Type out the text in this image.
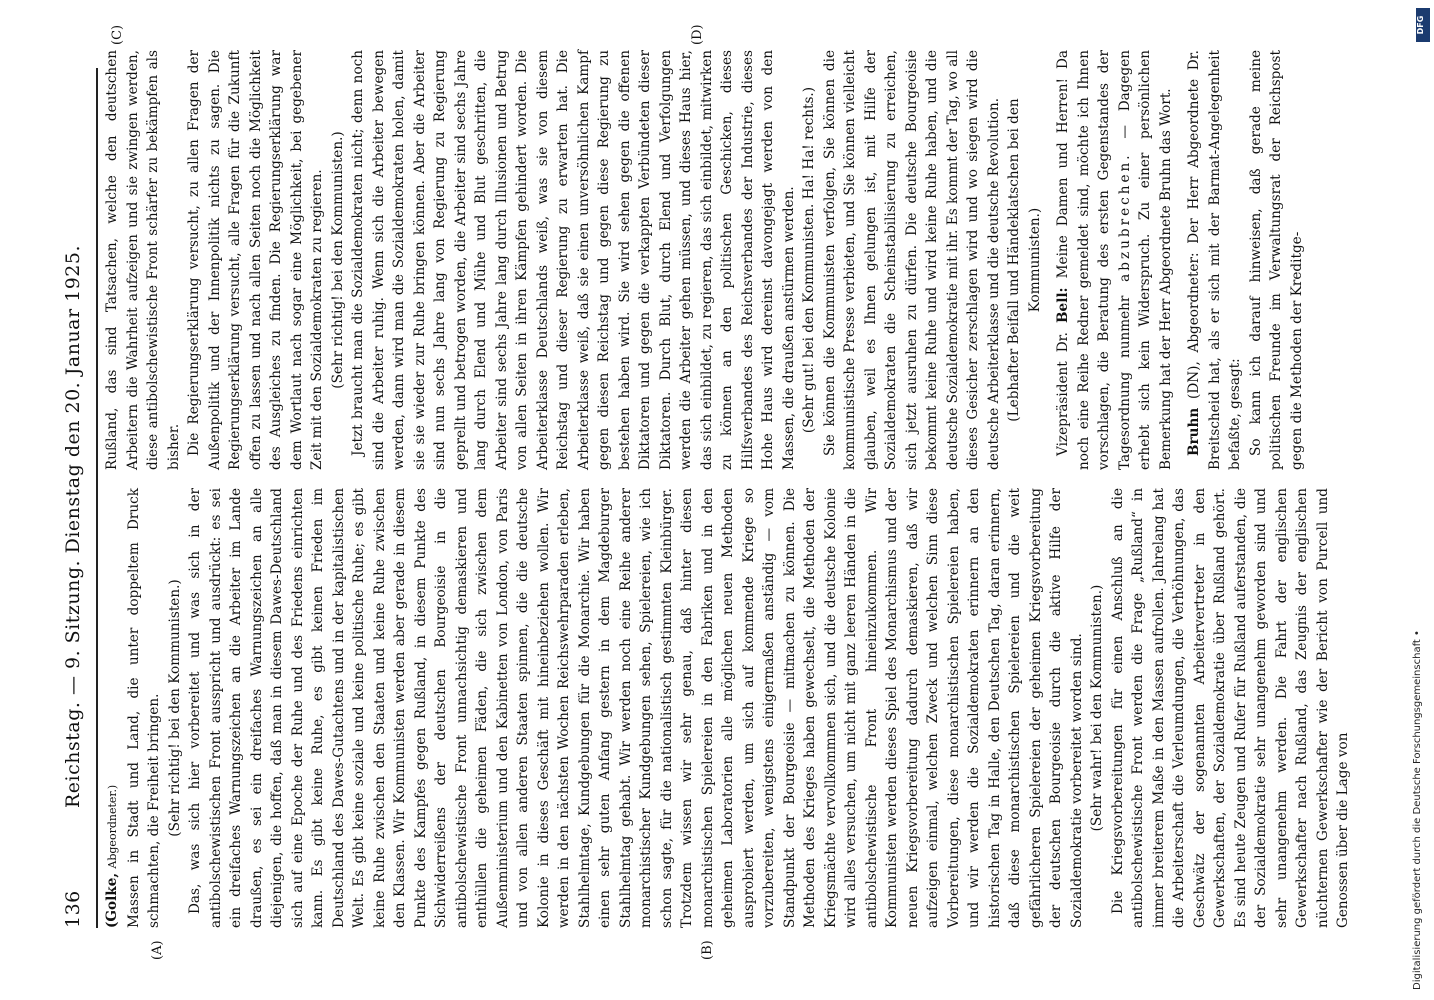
DFG
Digitalisierung gefördert durch die Deutsche Forschungsgemeinschaft •
136
Reichstag. — 9. Sitzung. Dienstag den 20. Januar 1925.
(A)	(B)
(C)	(D)

(Golke, Abgeordneter.) Massen in Stadt und Land, die unter doppeltem Druck schmachten, die Freiheit bringen. (Sehr richtig! bei den Kommunisten.) Das, was sich hier vorbereitet und was sich in der antibolschewistischen Front ausspricht und ausdrückt: es sei ein dreifaches Warnungszeichen an die Arbeiter im Lande draußen, es sei ein dreifaches Warnungszeichen an alle diejenigen, die hoffen, daß man in diesem Dawes-Deutschland sich auf eine Epoche der Ruhe und des Friedens einrichten kann. Es gibt keine Ruhe, es gibt keinen Frieden im Deutschland des Dawes-Gutachtens und in der kapitalistischen Welt. Es gibt keine soziale und keine politische Ruhe; es gibt keine Ruhe zwischen den Staaten und keine Ruhe zwischen den Klassen. Wir Kommunisten werden aber gerade in diesem Punkte des Kampfes gegen Rußland, in diesem Punkte des Sichwiderreißens der deutschen Bourgeoisie in die antibolschewistische Front unnachsichtig demaskieren und enthüllen die geheimen Fäden, die sich zwischen dem Außenministerium und den Kabinetten von London, von Paris und von allen anderen Staaten spinnen, die die deutsche Kolonie in dieses Geschäft mit hineinbeziehen wollen. Wir werden in den nächsten Wochen Reichswehrparaden erleben, Stahlhelmtage, Kundgebungen für die Monarchie. Wir haben einen sehr guten Anfang gestern in dem Magdeburger Stahlhelmtag gehabt. Wir werden noch eine Reihe anderer monarchistischer Kundgebungen sehen, Spielereien, wie ich schon sagte, für die nationalistisch gestimmten Kleinbürger. Trotzdem wissen wir sehr genau, daß hinter diesen monarchistischen Spielereien in den Fabriken und in den geheimen Laboratorien alle möglichen neuen Methoden ausprobiert werden, um sich auf kommende Kriege so vorzubereiten, wenigstens einigermaßen anständig — vom Standpunkt der Bourgeoisie — mitmachen zu können. Die Methoden des Krieges haben gewechselt, die Methoden der Kriegsmächte vervollkommnen sich, und die deutsche Kolonie wird alles versuchen, um nicht mit ganz leeren Händen in die antibolschewistische Front hineinzukommen. Wir Kommunisten werden dieses Spiel des Monarchismus und der neuen Kriegsvorbereitung dadurch demaskieren, daß wir aufzeigen einmal, welchen Zweck und welchen Sinn diese Vorbereitungen, diese monarchistischen Spielereien haben, und wir werden die Sozialdemokraten erinnern an den historischen Tag in Halle, den Deutschen Tag, daran erinnern, daß diese monarchistischen Spielereien und die weit gefährlicheren Spielereien der geheimen Kriegsvorbereitung der deutschen Bourgeoisie durch die aktive Hilfe der Sozialdemokratie vorbereitet worden sind. (Sehr wahr! bei den Kommunisten.) Die Kriegsvorbereitungen für einen Anschluß an die antibolschewistische Front werden die Frage „Rußland“ in immer breiterem Maße in den Massen aufrollen. Jahrelang hat die Arbeiterschaft die Verleumdungen, die Verhöhnungen, das Geschwätz der sogenannten Arbeitervertreter in den Gewerkschaften, der Sozialdemokratie über Rußland gehört. Es sind heute Zeugen und Rufer für Rußland auferstanden, die der Sozialdemokratie sehr unangenehm geworden sind und sehr unangenehm werden. Die Fahrt der englischen Gewerkschafter nach Rußland, das Zeugnis der englischen nüchternen Gewerkschafter wie der Bericht von Purcell und Genossen über die Lage von

Rußland, das sind Tatsachen, welche den deutschen Arbeitern die Wahrheit aufzeigen und sie zwingen werden, diese antibolschewistische Front schärfer zu bekämpfen als bisher. Die Regierungserklärung versucht, zu allen Fragen der Außenpolitik und der Innenpolitik nichts zu sagen. Die Regierungserklärung versucht, alle Fragen für die Zukunft offen zu lassen und nach allen Seiten noch die Möglichkeit des Ausgleiches zu finden. Die Regierungserklärung war dem Wortlaut nach sogar eine Möglichkeit, bei gegebener Zeit mit den Sozialdemokraten zu regieren. (Sehr richtig! bei den Kommunisten.) Jetzt braucht man die Sozialdemokraten nicht; denn noch sind die Arbeiter ruhig. Wenn sich die Arbeiter bewegen werden, dann wird man die Sozialdemokraten holen, damit sie sie wieder zur Ruhe bringen können. Aber die Arbeiter sind nun sechs Jahre lang von Regierung zu Regierung geprellt und betrogen worden, die Arbeiter sind sechs Jahre lang durch Elend und Mühe und Blut geschritten, die Arbeiter sind sechs Jahre lang durch Illusionen und Betrug von allen Seiten in ihren Kämpfen gehindert worden. Die Arbeiterklasse Deutschlands weiß, was sie von diesem Reichstag und dieser Regierung zu erwarten hat. Die Arbeiterklasse weiß, daß sie einen unversöhnlichen Kampf gegen diesen Reichstag und gegen diese Regierung zu bestehen haben wird. Sie wird sehen gegen die offenen Diktatoren und gegen die verkappten Verbündeten dieser Diktatoren. Durch Blut, durch Elend und Verfolgungen werden die Arbeiter gehen müssen, und dieses Haus hier, das sich einbildet, zu regieren, das sich einbildet, mitwirken zu können an den politischen Geschicken, dieses Hilfsverbandes des Reichsverbandes der Industrie, dieses Hohe Haus wird dereinst davongejagt werden von den Massen, die draußen anstürmen werden. (Sehr gut! bei den Kommunisten. Ha! Ha! rechts.) Sie können die Kommunisten verfolgen, Sie können die kommunistische Presse verbieten, und Sie können vielleicht glauben, weil es Ihnen gelungen ist, mit Hilfe der Sozialdemokraten die Scheinstabilisierung zu erreichen, sich jetzt ausruhen zu dürfen. Die deutsche Bourgeoisie bekommt keine Ruhe und wird keine Ruhe haben, und die deutsche Sozialdemokratie mit ihr. Es kommt der Tag, wo all dieses Gesicher zerschlagen wird und wo siegen wird die deutsche Arbeiterklasse und die deutsche Revolution. (Lebhafter Beifall und Händeklatschen bei den Kommunisten.)

Vizepräsident Dr. Bell: Meine Damen und Herren! Da noch eine Reihe Redner gemeldet sind, möchte ich Ihnen vorschlagen, die Beratung des ersten Gegenstandes der Tagesordnung nunmehr abzubrechen. — Dagegen erhebt sich kein Widerspruch. Zu einer persönlichen Bemerkung hat der Herr Abgeordnete Bruhn das Wort. Bruhn (DN), Abgeordneter: Der Herr Abgeordnete Dr. Breitscheid hat, als er sich mit der Barmat-Angelegenheit befaßte, gesagt: So kann ich darauf hinweisen, daß gerade meine politischen Freunde im Verwaltungsrat der Reichspost gegen die Methoden der Kreditge-
